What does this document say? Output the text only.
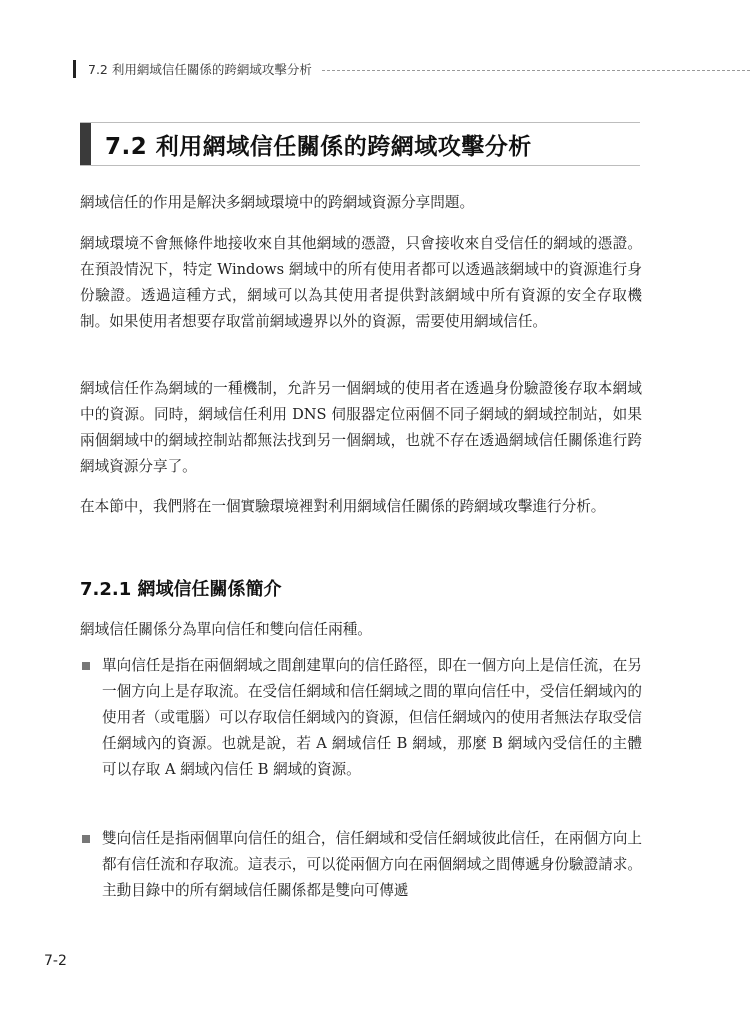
7.2 利用網域信任關係的跨網域攻擊分析
7.2 利用網域信任關係的跨網域攻擊分析

網域信任的作用是解決多網域環境中的跨網域資源分享問題。

網域環境不會無條件地接收來自其他網域的憑證，只會接收來自受信任的網域的憑證。在預設情況下，特定 Windows 網域中的所有使用者都可以透過該網域中的資源進行身份驗證。透過這種方式，網域可以為其使用者提供對該網域中所有資源的安全存取機制。如果使用者想要存取當前網域邊界以外的資源，需要使用網域信任。

網域信任作為網域的一種機制，允許另一個網域的使用者在透過身份驗證後存取本網域中的資源。同時，網域信任利用 DNS 伺服器定位兩個不同子網域的網域控制站，如果兩個網域中的網域控制站都無法找到另一個網域，也就不存在透過網域信任關係進行跨網域資源分享了。

在本節中，我們將在一個實驗環境裡對利用網域信任關係的跨網域攻擊進行分析。

7.2.1 網域信任關係簡介

網域信任關係分為單向信任和雙向信任兩種。

單向信任是指在兩個網域之間創建單向的信任路徑，即在一個方向上是信任流，在另一個方向上是存取流。在受信任網域和信任網域之間的單向信任中，受信任網域內的使用者（或電腦）可以存取信任網域內的資源，但信任網域內的使用者無法存取受信任網域內的資源。也就是說，若 A 網域信任 B 網域，那麼 B 網域內受信任的主體可以存取 A 網域內信任 B 網域的資源。

雙向信任是指兩個單向信任的組合，信任網域和受信任網域彼此信任，在兩個方向上都有信任流和存取流。這表示，可以從兩個方向在兩個網域之間傳遞身份驗證請求。主動目錄中的所有網域信任關係都是雙向可傳遞

7-2
